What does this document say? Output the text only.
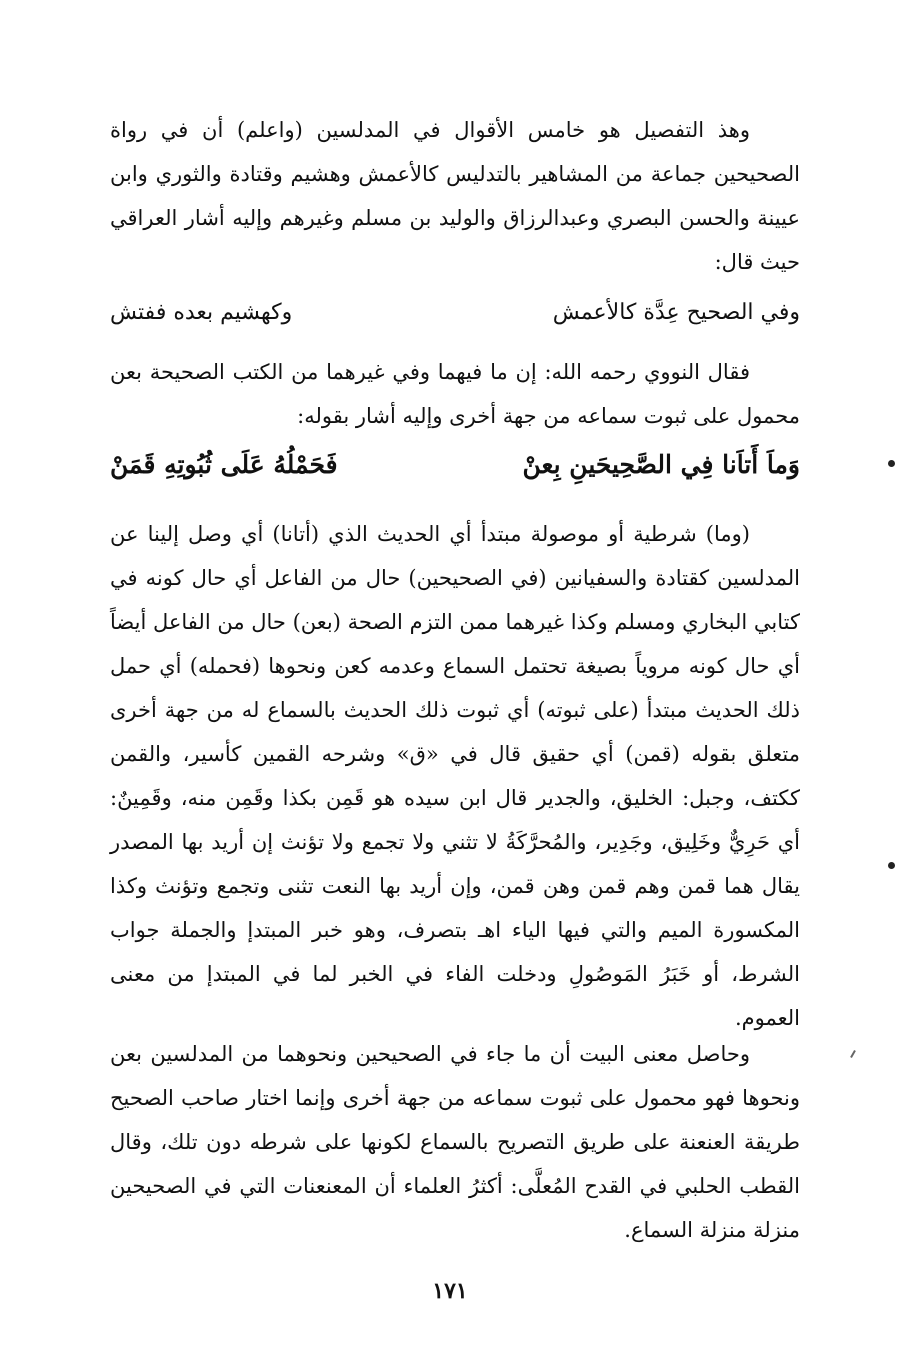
وهذ التفصيل هو خامس الأقوال في المدلسين (واعلم) أن في رواة الصحيحين جماعة من المشاهير بالتدليس كالأعمش وهشيم وقتادة والثوري وابن عيينة والحسن البصري وعبدالرزاق والوليد بن مسلم وغيرهم وإليه أشار العراقي حيث قال:

وفي الصحيح عِدَّة كالأعمش
وكهشيم بعده ففتش

فقال النووي رحمه الله: إن ما فيهما وفي غيرهما من الكتب الصحيحة بعن محمول على ثبوت سماعه من جهة أخرى وإليه أشار بقوله:

وَماَ أَتاَنا فِي الصَّحِيحَينِ بِعنْ
فَحَمْلُهُ عَلَى ثُبُوتِهِ قَمَنْ

(وما) شرطية أو موصولة مبتدأ أي الحديث الذي (أتانا) أي وصل إلينا عن المدلسين كقتادة والسفيانين (في الصحيحين) حال من الفاعل أي حال كونه في كتابي البخاري ومسلم وكذا غيرهما ممن التزم الصحة (بعن) حال من الفاعل أيضاً أي حال كونه مروياً بصيغة تحتمل السماع وعدمه كعن ونحوها (فحمله) أي حمل ذلك الحديث مبتدأ (على ثبوته) أي ثبوت ذلك الحديث بالسماع له من جهة أخرى متعلق بقوله (قمن) أي حقيق قال في «ق» وشرحه القمين كأسير، والقمن ككتف، وجبل: الخليق، والجدير قال ابن سيده هو قَمِن بكذا وقَمِن منه، وقَمِينٌ: أي حَرِيٌّ وخَلِيق، وجَدِير، والمُحرَّكَةُ لا تثني ولا تجمع ولا تؤنث إن أريد بها المصدر يقال هما قمن وهم قمن وهن قمن، وإن أريد بها النعت تثنى وتجمع وتؤنث وكذا المكسورة الميم والتي فيها الياء اهـ بتصرف، وهو خبر المبتدإ والجملة جواب الشرط، أو خَبَرُ المَوصُولِ ودخلت الفاء في الخبر لما في المبتدإ من معنى العموم.

وحاصل معنى البيت أن ما جاء في الصحيحين ونحوهما من المدلسين بعن ونحوها فهو محمول على ثبوت سماعه من جهة أخرى وإنما اختار صاحب الصحيح طريقة العنعنة على طريق التصريح بالسماع لكونها على شرطه دون تلك، وقال القطب الحلبي في القدح المُعلَّى: أكثرُ العلماء أن المعنعنات التي في الصحيحين منزلة منزلة السماع.

١٧١
